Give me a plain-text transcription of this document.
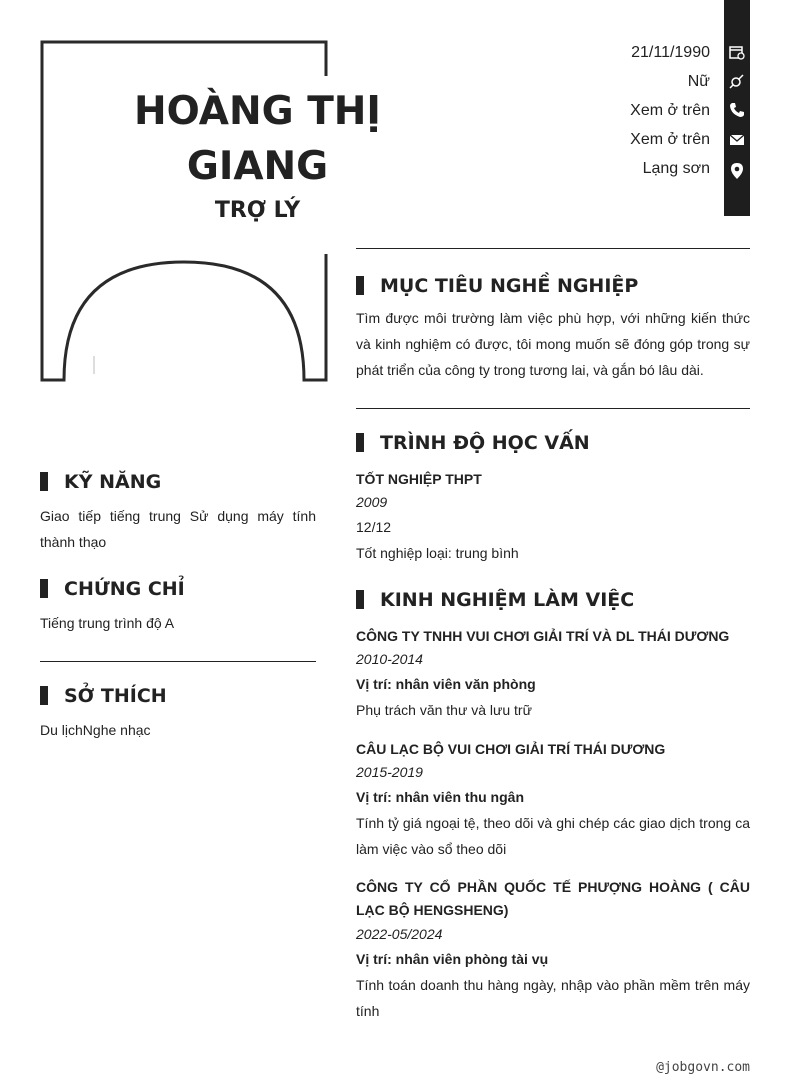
HOÀNG THỊ GIANG
TRỢ LÝ
21/11/1990
Nữ
Xem ở trên
Xem ở trên
Lạng sơn
MỤC TIÊU NGHỀ NGHIỆP
Tìm được môi trường làm việc phù hợp, với những kiến thức và kinh nghiệm có được, tôi mong muốn sẽ đóng góp trong sự phát triển của công ty trong tương lai, và gắn bó lâu dài.
TRÌNH ĐỘ HỌC VẤN
TỐT NGHIỆP THPT
2009
12/12
Tốt nghiệp loại: trung bình
KINH NGHIỆM LÀM VIỆC
CÔNG TY TNHH VUI CHƠI GIẢI TRÍ VÀ DL THÁI DƯƠNG
2010-2014
Vị trí: nhân viên văn phòng
Phụ trách văn thư và lưu trữ
CÂU LẠC BỘ VUI CHƠI GIẢI TRÍ THÁI DƯƠNG
2015-2019
Vị trí: nhân viên thu ngân
Tính tỷ giá ngoại tệ, theo dõi và ghi chép các giao dịch trong ca làm việc vào sổ theo dõi
CÔNG TY CỔ PHẦN QUỐC TẾ PHƯỢNG HOÀNG ( CÂU LẠC BỘ HENGSHENG)
2022-05/2024
Vị trí: nhân viên phòng tài vụ
Tính toán doanh thu hàng ngày, nhập vào phần mềm trên máy tính
KỸ NĂNG
Giao tiếp tiếng trung Sử dụng máy tính thành thạo
CHỨNG CHỈ
Tiếng trung trình độ A
SỞ THÍCH
Du lịchNghe nhạc
@jobgovn.com
